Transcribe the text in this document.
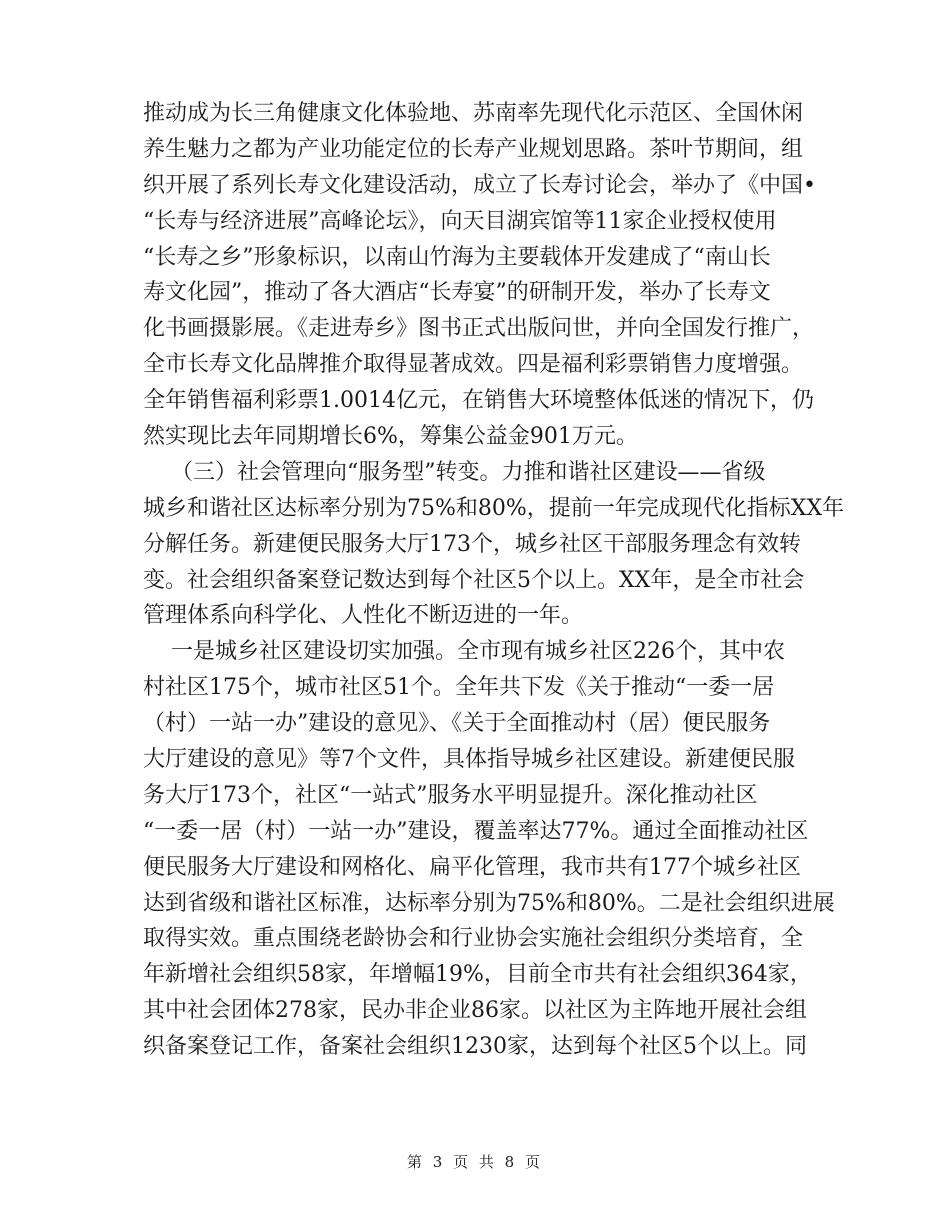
推动成为长三角健康文化体验地、苏南率先现代化示范区、全国休闲
养生魅力之都为产业功能定位的长寿产业规划思路。茶叶节期间，组
织开展了系列长寿文化建设活动，成立了长寿讨论会，举办了《中国•
“长寿与经济进展”高峰论坛》，向天目湖宾馆等11家企业授权使用
“长寿之乡”形象标识，以南山竹海为主要载体开发建成了“南山长
寿文化园”，推动了各大酒店“长寿宴”的研制开发，举办了长寿文
化书画摄影展。《走进寿乡》图书正式出版问世，并向全国发行推广，
全市长寿文化品牌推介取得显著成效。四是福利彩票销售力度增强。
全年销售福利彩票1.0014亿元，在销售大环境整体低迷的情况下，仍
然实现比去年同期增长6%，筹集公益金901万元。
（三）社会管理向“服务型”转变。力推和谐社区建设——省级
城乡和谐社区达标率分别为75%和80%，提前一年完成现代化指标XX年
分解任务。新建便民服务大厅173个，城乡社区干部服务理念有效转
变。社会组织备案登记数达到每个社区5个以上。XX年，是全市社会
管理体系向科学化、人性化不断迈进的一年。
一是城乡社区建设切实加强。全市现有城乡社区226个，其中农
村社区175个，城市社区51个。全年共下发《关于推动“一委一居
（村）一站一办”建设的意见》、《关于全面推动村（居）便民服务
大厅建设的意见》等7个文件，具体指导城乡社区建设。新建便民服
务大厅173个，社区“一站式”服务水平明显提升。深化推动社区
“一委一居（村）一站一办”建设，覆盖率达77%。通过全面推动社区
便民服务大厅建设和网格化、扁平化管理，我市共有177个城乡社区
达到省级和谐社区标准，达标率分别为75%和80%。二是社会组织进展
取得实效。重点围绕老龄协会和行业协会实施社会组织分类培育，全
年新增社会组织58家，年增幅19%，目前全市共有社会组织364家，
其中社会团体278家，民办非企业86家。以社区为主阵地开展社会组
织备案登记工作，备案社会组织1230家，达到每个社区5个以上。同
第 3 页 共 8 页
